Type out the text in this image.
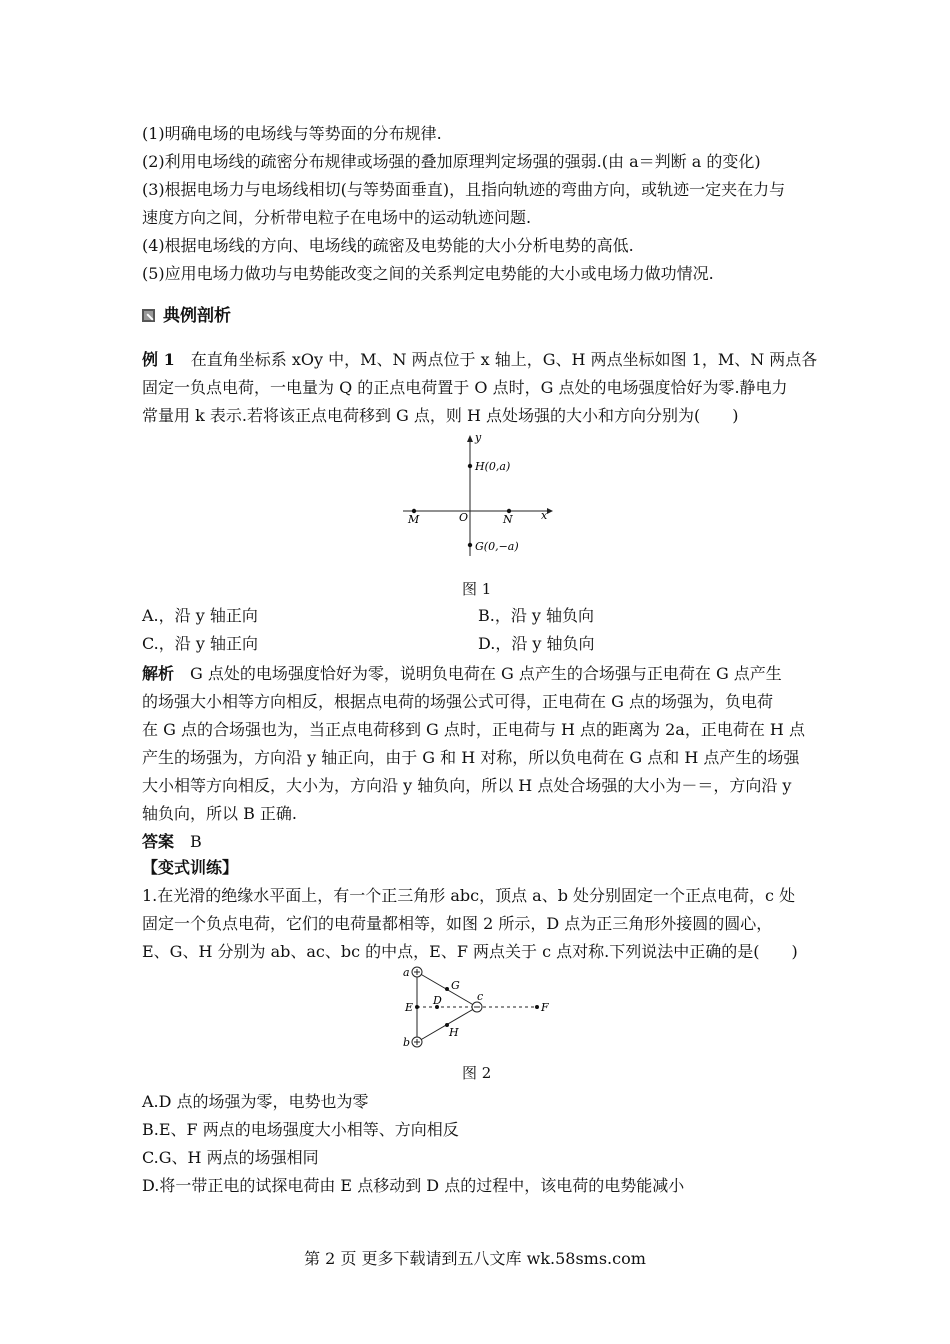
(1)明确电场的电场线与等势面的分布规律.

(2)利用电场线的疏密分布规律或场强的叠加原理判定场强的强弱.(由 a＝判断 a 的变化)

(3)根据电场力与电场线相切(与等势面垂直)，且指向轨迹的弯曲方向，或轨迹一定夹在力与

速度方向之间，分析带电粒子在电场中的运动轨迹问题.

(4)根据电场线的方向、电场线的疏密及电势能的大小分析电势的高低.

(5)应用电场力做功与电势能改变之间的关系判定电势能的大小或电场力做功情况.

典例剖析

例 1　 在直角坐标系 xOy 中，M、N 两点位于 x 轴上，G、H 两点坐标如图 1，M、N 两点各

固定一负点电荷，一电量为 Q 的正点电荷置于 O 点时，G 点处的电场强度恰好为零.静电力

常量用 k 表示.若将该正点电荷移到 G 点，则 H 点处场强的大小和方向分别为(　　)

y
x
H(0,a)
M	O	N
G(0,−a)
图 1
A.，沿 y 轴正向	B.，沿 y 轴负向
C.，沿 y 轴正向	D.，沿 y 轴负向

解析　 G 点处的电场强度恰好为零，说明负电荷在 G 点产生的合场强与正电荷在 G 点产生

的场强大小相等方向相反，根据点电荷的场强公式可得，正电荷在 G 点的场强为，负电荷

在 G 点的合场强也为，当正点电荷移到 G 点时，正电荷与 H 点的距离为 2a，正电荷在 H 点

产生的场强为，方向沿 y 轴正向，由于 G 和 H 对称，所以负电荷在 G 点和 H 点产生的场强

大小相等方向相反，大小为，方向沿 y 轴负向，所以 H 点处合场强的大小为－＝，方向沿 y

轴负向，所以 B 正确.

答案　 B

【变式训练】

1.在光滑的绝缘水平面上，有一个正三角形 abc，顶点 a、b 处分别固定一个正点电荷，c 处

固定一个负点电荷，它们的电荷量都相等，如图 2 所示，D 点为正三角形外接圆的圆心，

E、G、H 分别为 ab、ac、bc 的中点，E、F 两点关于 c 点对称.下列说法中正确的是(　　)

a
b
c
D
E	F
G
H
图 2

A.D 点的场强为零，电势也为零

B.E、F 两点的电场强度大小相等、方向相反

C.G、H 两点的场强相同

D.将一带正电的试探电荷由 E 点移动到 D 点的过程中，该电荷的电势能减小

第 2 页 更多下载请到五八文库 wk.58sms.com
